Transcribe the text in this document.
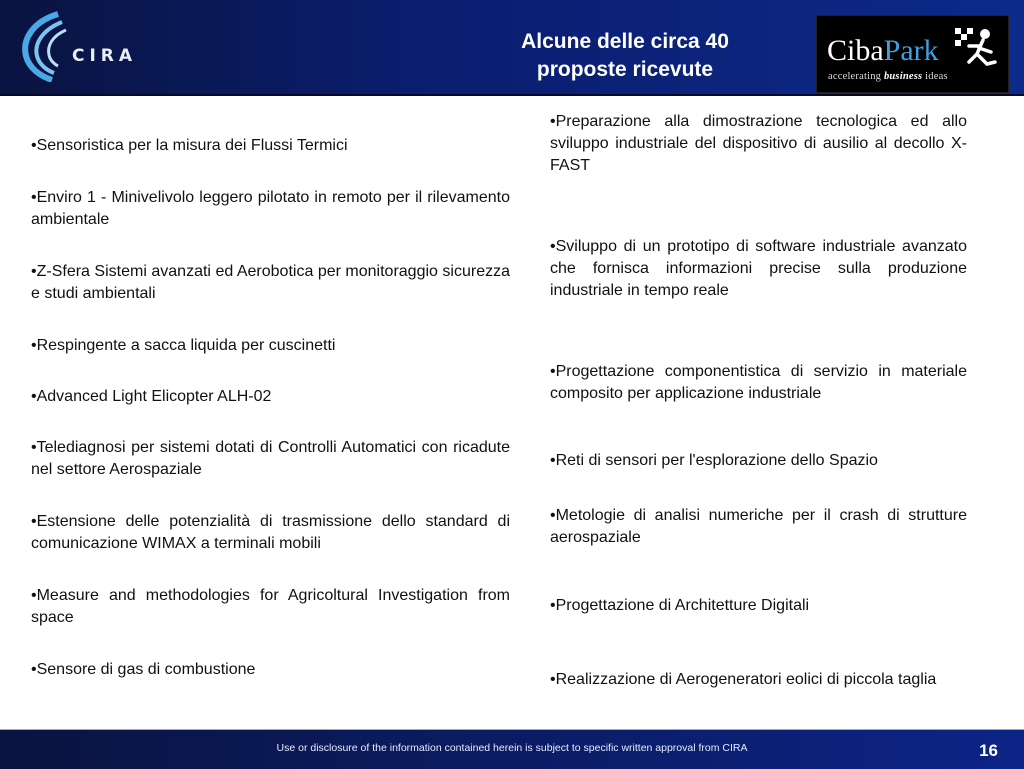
CIRA
Alcune delle circa 40
proposte ricevute
CibaPark
accelerating business ideas

•Sensoristica per la misura dei Flussi Termici

•Enviro 1 - Minivelivolo leggero pilotato in remoto per il rilevamento ambientale

•Z-Sfera Sistemi avanzati ed Aerobotica per monitoraggio sicurezza e studi ambientali

•Respingente a sacca liquida per cuscinetti

•Advanced Light Elicopter ALH-02

•Telediagnosi per sistemi dotati di Controlli Automatici con ricadute nel settore Aerospaziale

•Estensione delle potenzialità di trasmissione dello standard di comunicazione WIMAX a terminali mobili

•Measure and methodologies for Agricoltural Investigation from space

•Sensore di gas di combustione

•Preparazione alla dimostrazione tecnologica ed allo sviluppo industriale del dispositivo di ausilio al decollo X-FAST

•Sviluppo di un prototipo di software industriale avanzato che fornisca informazioni precise sulla produzione industriale in tempo reale

•Progettazione componentistica di servizio in materiale composito per applicazione industriale

•Reti di sensori per l'esplorazione dello Spazio

•Metologie di analisi numeriche per il crash di strutture aerospaziale

•Progettazione di Architetture Digitali

•Realizzazione di Aerogeneratori eolici di piccola taglia

Use or disclosure of the information contained herein is subject to specific written approval from CIRA	16
